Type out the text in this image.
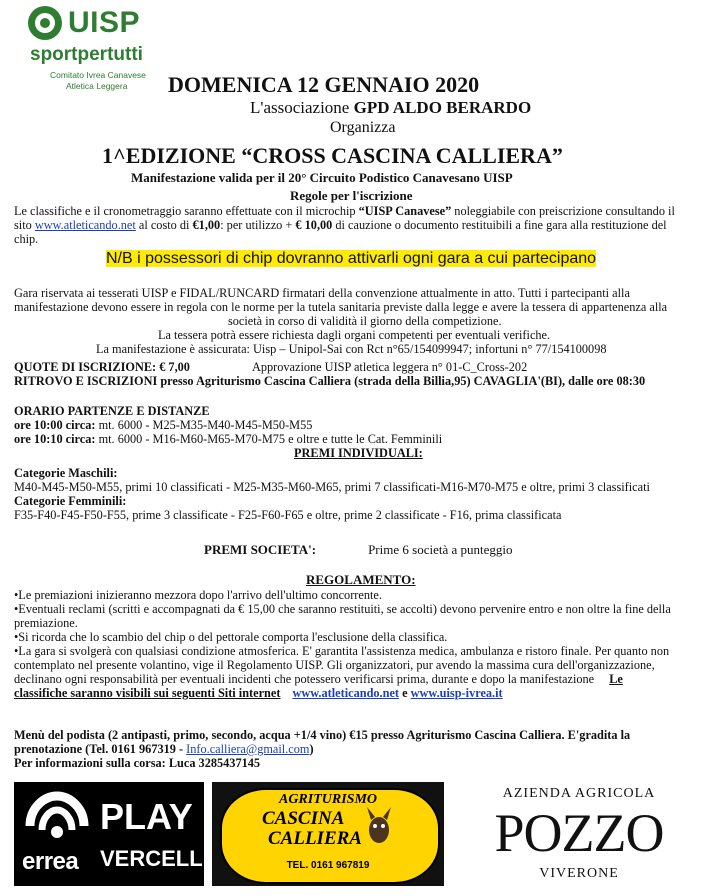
UISP
sportpertutti
Comitato Ivrea Canavese
Atletica Leggera DOMENICA 12 GENNAIO 2020
L'associazione GPD ALDO BERARDO
Organizza
1^EDIZIONE “CROSS CASCINA CALLIERA”
Manifestazione valida per il 20° Circuito Podistico Canavesano UISP
Regole per l'iscrizione
Le classifiche e il cronometraggio saranno effettuate con il microchip “UISP Canavese” noleggiabile con preiscrizione consultando il
sito www.atleticando.net al costo di €1,00: per utilizzo + € 10,00 di cauzione o documento restituibili a fine gara alla restituzione del
chip.
N/B i possessori di chip dovranno attivarli ogni gara a cui partecipano
Gara riservata ai tesserati UISP e FIDAL/RUNCARD firmatari della convenzione attualmente in atto. Tutti i partecipanti alla
manifestazione devono essere in regola con le norme per la tutela sanitaria previste dalla legge e avere la tessera di appartenenza alla
società in corso di validità il giorno della competizione.
La tessera potrà essere richiesta dagli organi competenti per eventuali verifiche.
La manifestazione è assicurata: Uisp – Unipol-Sai con Rct n°65/154099947; infortuni n° 77/154100098
QUOTE DI ISCRIZIONE: € 7,00	Approvazione UISP atletica leggera n° 01-C_Cross-202
RITROVO E ISCRIZIONI presso Agriturismo Cascina Calliera (strada della Billia,95) CAVAGLIA'(BI), dalle ore 08:30
ORARIO PARTENZE E DISTANZE
ore 10:00 circa: mt. 6000 - M25-M35-M40-M45-M50-M55
ore 10:10 circa: mt. 6000 - M16-M60-M65-M70-M75 e oltre e tutte le Cat. Femminili
PREMI INDIVIDUALI:
Categorie Maschili:
M40-M45-M50-M55, primi 10 classificati - M25-M35-M60-M65, primi 7 classificati-M16-M70-M75 e oltre, primi 3 classificati
Categorie Femminili:
F35-F40-F45-F50-F55, prime 3 classificate - F25-F60-F65 e oltre, prime 2 classificate - F16, prima classificata
PREMI SOCIETA':	Prime 6 società a punteggio
REGOLAMENTO:
•Le premiazioni inizieranno mezzora dopo l'arrivo dell'ultimo concorrente.
•Eventuali reclami (scritti e accompagnati da € 15,00 che saranno restituiti, se accolti) devono pervenire entro e non oltre la fine della
premiazione.
•Si ricorda che lo scambio del chip o del pettorale comporta l'esclusione della classifica.
•La gara si svolgerà con qualsiasi condizione atmosferica. E' garantita l'assistenza medica, ambulanza e ristoro finale. Per quanto non
contemplato nel presente volantino, vige il Regolamento UISP. Gli organizzatori, pur avendo la massima cura dell'organizzazione,
declinano ogni responsabilità per eventuali incidenti che potessero verificarsi prima, durante e dopo la manifestazione Le
classifiche saranno visibili sui seguenti Siti internet www.atleticando.net e www.uisp-ivrea.it
Menù del podista (2 antipasti, primo, secondo, acqua +1/4 vino) €15 presso Agriturismo Cascina Calliera. E'gradita la
prenotazione (Tel. 0161 967319 - Info.calliera@gmail.com)
Per informazioni sulla corsa: Luca 3285437145
errea
PLAY
VERCELLI
AGRITURISMO
CASCINA
CALLIERA
TEL. 0161 967819
AZIENDA AGRICOLA
POZZO
VIVERONE
